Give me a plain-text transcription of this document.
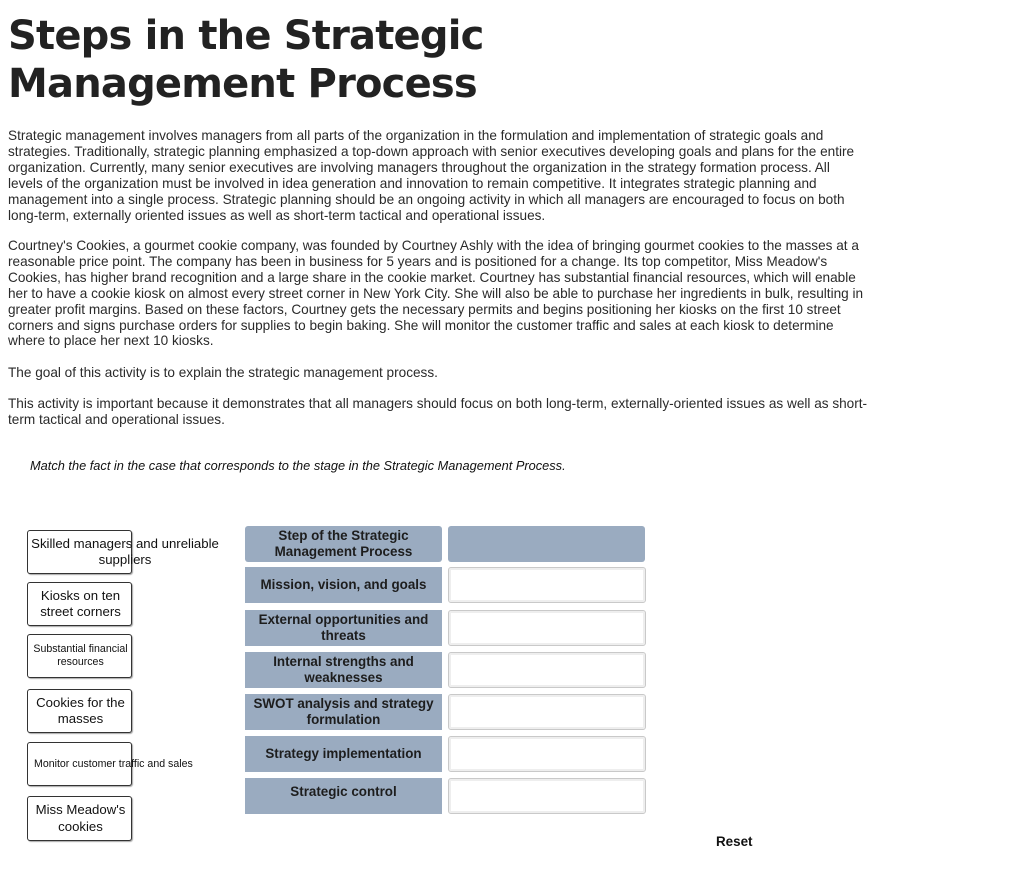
Steps in the Strategic Management Process

Strategic management involves managers from all parts of the organization in the formulation and implementation of strategic goals and strategies. Traditionally, strategic planning emphasized a top-down approach with senior executives developing goals and plans for the entire organization. Currently, many senior executives are involving managers throughout the organization in the strategy formation process. All levels of the organization must be involved in idea generation and innovation to remain competitive. It integrates strategic planning and management into a single process. Strategic planning should be an ongoing activity in which all managers are encouraged to focus on both long-term, externally oriented issues as well as short-term tactical and operational issues.

Courtney's Cookies, a gourmet cookie company, was founded by Courtney Ashly with the idea of bringing gourmet cookies to the masses at a reasonable price point. The company has been in business for 5 years and is positioned for a change. Its top competitor, Miss Meadow's Cookies, has higher brand recognition and a large share in the cookie market. Courtney has substantial financial resources, which will enable her to have a cookie kiosk on almost every street corner in New York City. She will also be able to purchase her ingredients in bulk, resulting in greater profit margins. Based on these factors, Courtney gets the necessary permits and begins positioning her kiosks on the first 10 street corners and signs purchase orders for supplies to begin baking. She will monitor the customer traffic and sales at each kiosk to determine where to place her next 10 kiosks.

The goal of this activity is to explain the strategic management process.

This activity is important because it demonstrates that all managers should focus on both long-term, externally-oriented issues as well as short-term tactical and operational issues.

Match the fact in the case that corresponds to the stage in the Strategic Management Process.

Skilled managers and unreliable suppliers
Kiosks on ten street corners
Substantial financial resources
Cookies for the masses
Monitor customer traffic and sales
Miss Meadow's cookies
Step of the Strategic Management Process
Mission, vision, and goals
External opportunities and threats
Internal strengths and weaknesses
SWOT analysis and strategy formulation
Strategy implementation
Strategic control
Reset
